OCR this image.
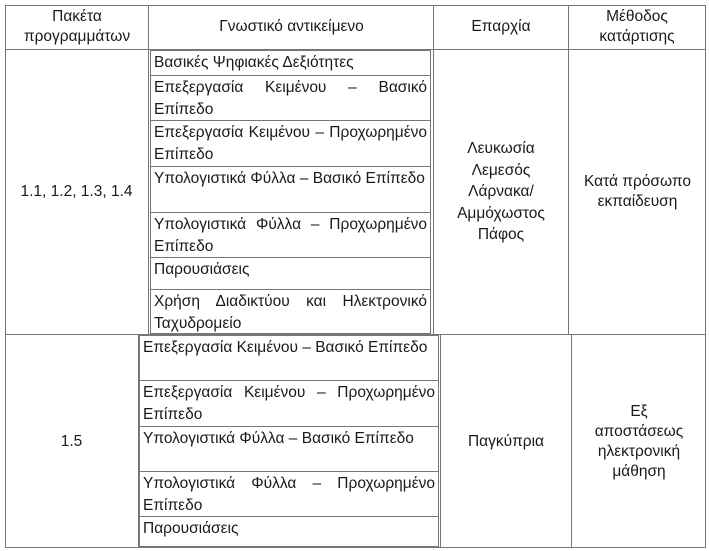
Πακέτα
προγραμμάτων
Γνωστικό αντικείμενο	Επαρχία
Μέθοδος
κατάρτισης
1.1, 1.2, 1.3, 1.4
Βασικές Ψηφιακές Δεξιότητες
Επεξεργασία Κειμένου – Βασικό Επίπεδο
Επεξεργασία Κειμένου – Προχωρημένο Επίπεδο
Υπολογιστικά Φύλλα – Βασικό Επίπεδο
Υπολογιστικά Φύλλα – Προχωρημένο Επίπεδο
Παρουσιάσεις
Χρήση Διαδικτύου και Ηλεκτρονικό Ταχυδρομείο
Λευκωσία
Λεμεσός
Λάρνακα/
Αμμόχωστος
Πάφος
Κατά πρόσωπο
εκπαίδευση
1.5
Επεξεργασία Κειμένου – Βασικό Επίπεδο
Επεξεργασία Κειμένου – Προχωρημένο Επίπεδο
Υπολογιστικά Φύλλα – Βασικό Επίπεδο
Υπολογιστικά Φύλλα – Προχωρημένο Επίπεδο
Παρουσιάσεις
Παγκύπρια
Εξ
αποστάσεως
ηλεκτρονική
μάθηση
